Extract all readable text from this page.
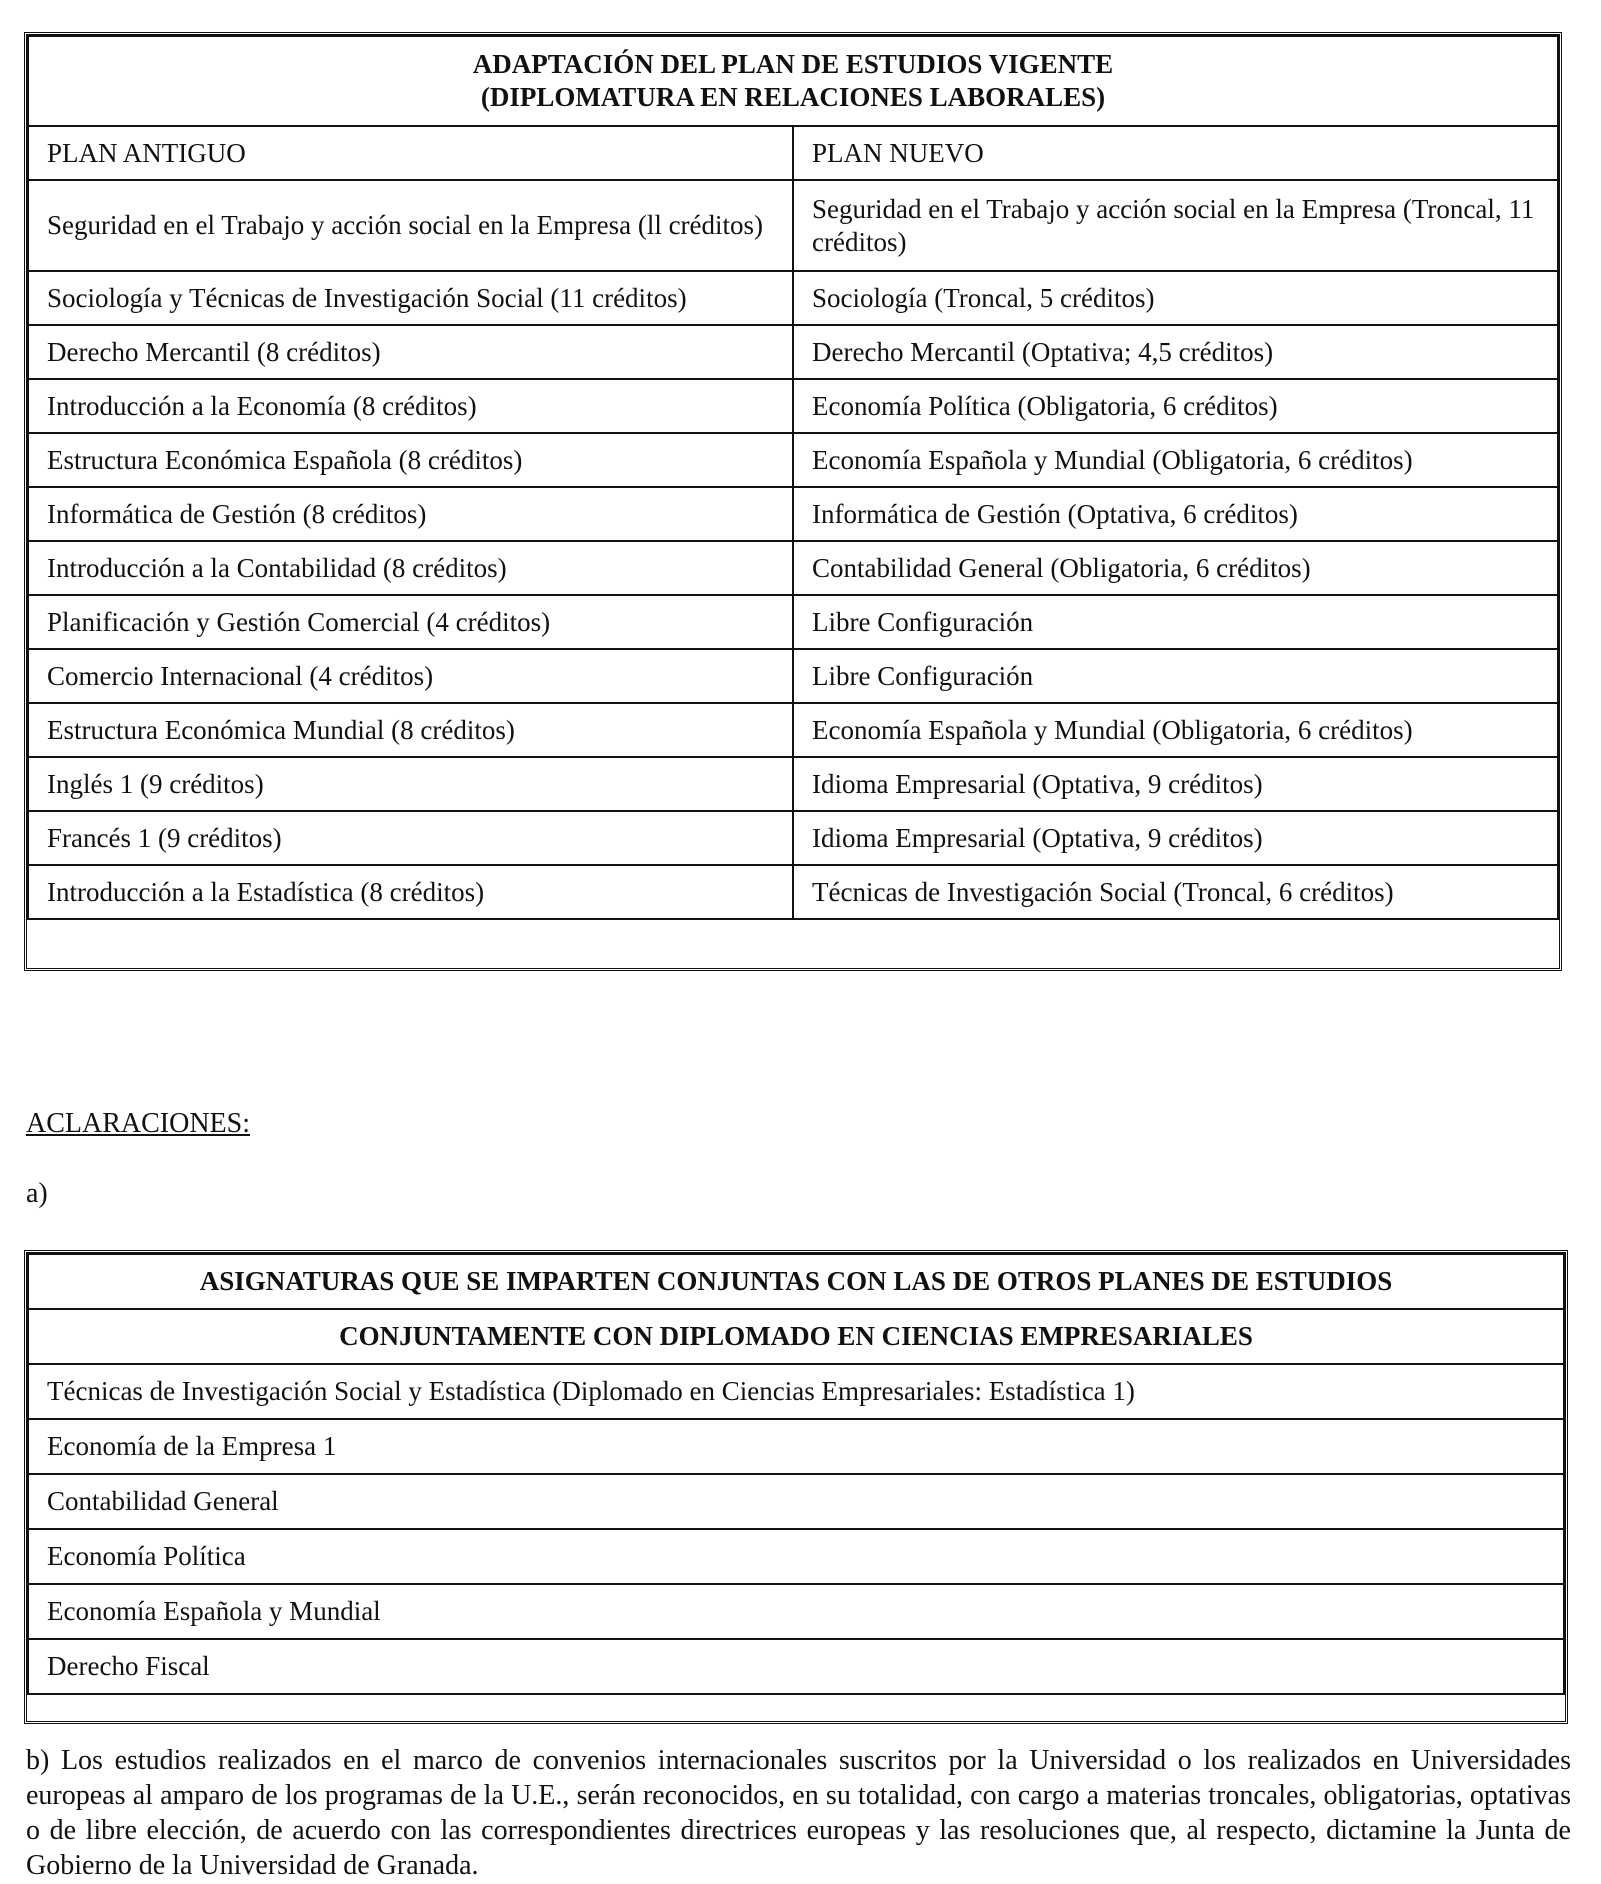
ADAPTACIÓN DEL PLAN DE ESTUDIOS VIGENTE
(DIPLOMATURA EN RELACIONES LABORALES)	

PLAN ANTIGUO	PLAN NUEVO
Seguridad en el Trabajo y acción social en la Empresa (ll créditos)	Seguridad en el Trabajo y acción social en la Empresa (Troncal, 11 créditos)
Sociología y Técnicas de Investigación Social (11 créditos)	Sociología (Troncal, 5 créditos)
Derecho Mercantil (8 créditos)	Derecho Mercantil (Optativa; 4,5 créditos)
Introducción a la Economía (8 créditos)	Economía Política (Obligatoria, 6 créditos)
Estructura Económica Española (8 créditos)	Economía Española y Mundial (Obligatoria, 6 créditos)
Informática de Gestión (8 créditos)	Informática de Gestión (Optativa, 6 créditos)
Introducción a la Contabilidad (8 créditos)	Contabilidad General (Obligatoria, 6 créditos)
Planificación y Gestión Comercial (4 créditos)	Libre Configuración
Comercio Internacional (4 créditos)	Libre Configuración
Estructura Económica Mundial (8 créditos)	Economía Española y Mundial (Obligatoria, 6 créditos)
Inglés 1 (9 créditos)	Idioma Empresarial (Optativa, 9 créditos)
Francés 1 (9 créditos)	Idioma Empresarial (Optativa, 9 créditos)
Introducción a la Estadística (8 créditos)	Técnicas de Investigación Social (Troncal, 6 créditos)

ACLARACIONES:

a)

ASIGNATURAS QUE SE IMPARTEN CONJUNTAS CON LAS DE OTROS PLANES DE ESTUDIOS
CONJUNTAMENTE CON DIPLOMADO EN CIENCIAS EMPRESARIALES
Técnicas de Investigación Social y Estadística (Diplomado en Ciencias Empresariales: Estadística 1)
Economía de la Empresa 1
Contabilidad General
Economía Política
Economía Española y Mundial
Derecho Fiscal

b) Los estudios realizados en el marco de convenios internacionales suscritos por la Universidad o los realizados en Universidades europeas al amparo de los programas de la U.E., serán reconocidos, en su totalidad, con cargo a materias troncales, obligatorias, optativas o de libre elección, de acuerdo con las correspondientes directrices europeas y las resoluciones que, al respecto, dictamine la Junta de Gobierno de la Universidad de Granada.
